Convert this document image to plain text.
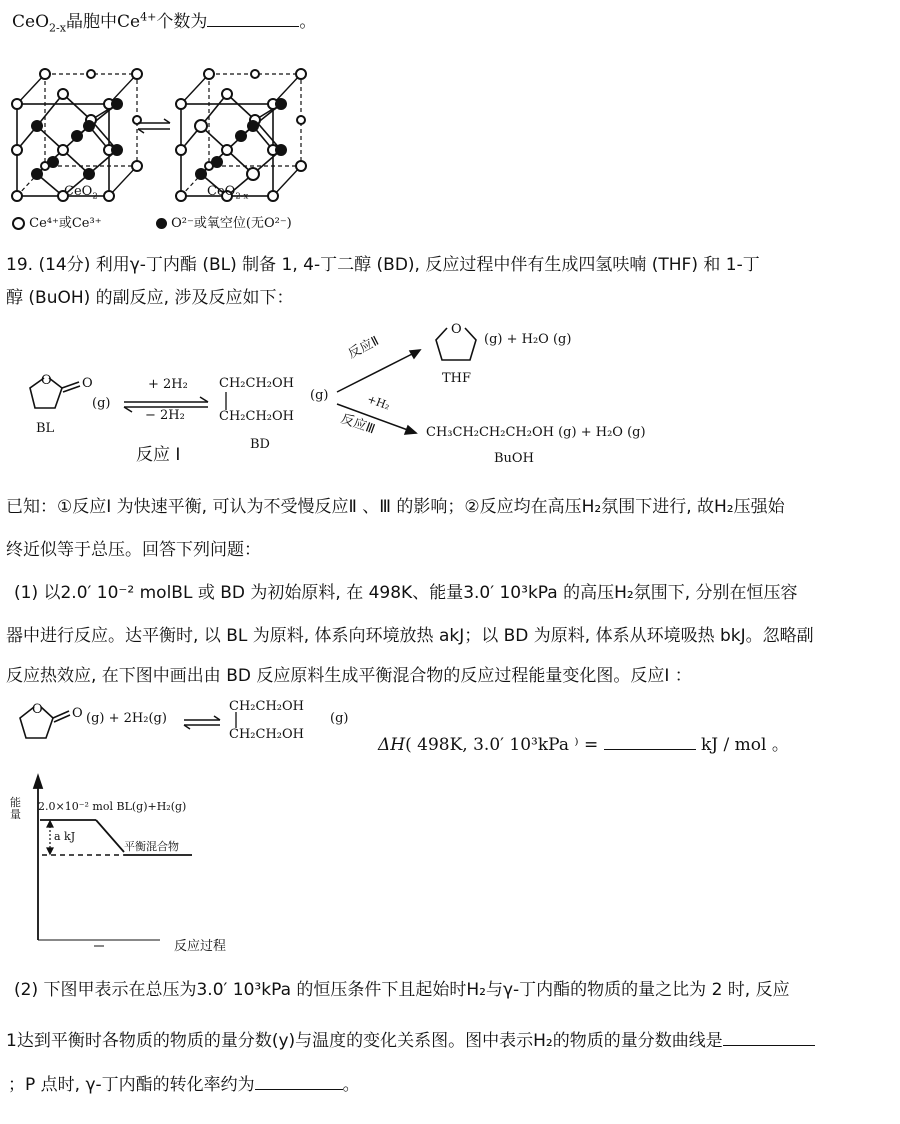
CeO$_{2-x}$晶胞中$Ce^{4+}$个数为	。
CeO$_2$	CeO$_{2-x}$
Ce⁴⁺或Ce³⁺	O²⁻或氧空位(无O²⁻)
19. (14分) 利用γ-丁内酯 (BL) 制备 1, 4-丁二醇 (BD), 反应过程中伴有生成四氢呋喃 (THF) 和 1-丁
醇 (BuOH) 的副反应, 涉及反应如下：
O O
O
(g)
BL
+ 2H₂
− 2H₂
反应 I
CH₂CH₂OH
CH₂CH₂OH
(g)
BD
反应Ⅱ
+H₂
反应Ⅲ
(g) + H₂O (g)
THF
CH₃CH₂CH₂CH₂OH (g) + H₂O (g)
BuOH
已知：①反应Ⅰ 为快速平衡, 可认为不受慢反应Ⅱ 、Ⅲ 的影响；②反应均在高压H₂氛围下进行, 故H₂压强始
终近似等于总压。回答下列问题：
(1) 以2.0′ 10⁻² molBL 或 BD 为初始原料, 在 498K、能量3.0′ 10³kPa 的高压H₂氛围下, 分别在恒压容
器中进行反应。达平衡时, 以 BL 为原料, 体系向环境放热 akJ；以 BD 为原料, 体系从环境吸热 bkJ。忽略副
反应热效应, 在下图中画出由 BD 反应原料生成平衡混合物的反应过程能量变化图。反应Ⅰ ：
O O (g) + 2H₂(g)
CH₂CH₂OH
CH₂CH₂OH
(g)
ΔH( 498K, 3.0′ 10³kPa ⁾ =	kJ / mol 。
能
量
2.0×10⁻² mol BL(g)+H₂(g)
a kJ
平衡混合物
反应过程
(2) 下图甲表示在总压为3.0′ 10³kPa 的恒压条件下且起始时H₂与γ-丁内酯的物质的量之比为 2 时, 反应
1达到平衡时各物质的物质的量分数(y)与温度的变化关系图。图中表示H₂的物质的量分数曲线是
；P 点时, γ-丁内酯的转化率约为	。
